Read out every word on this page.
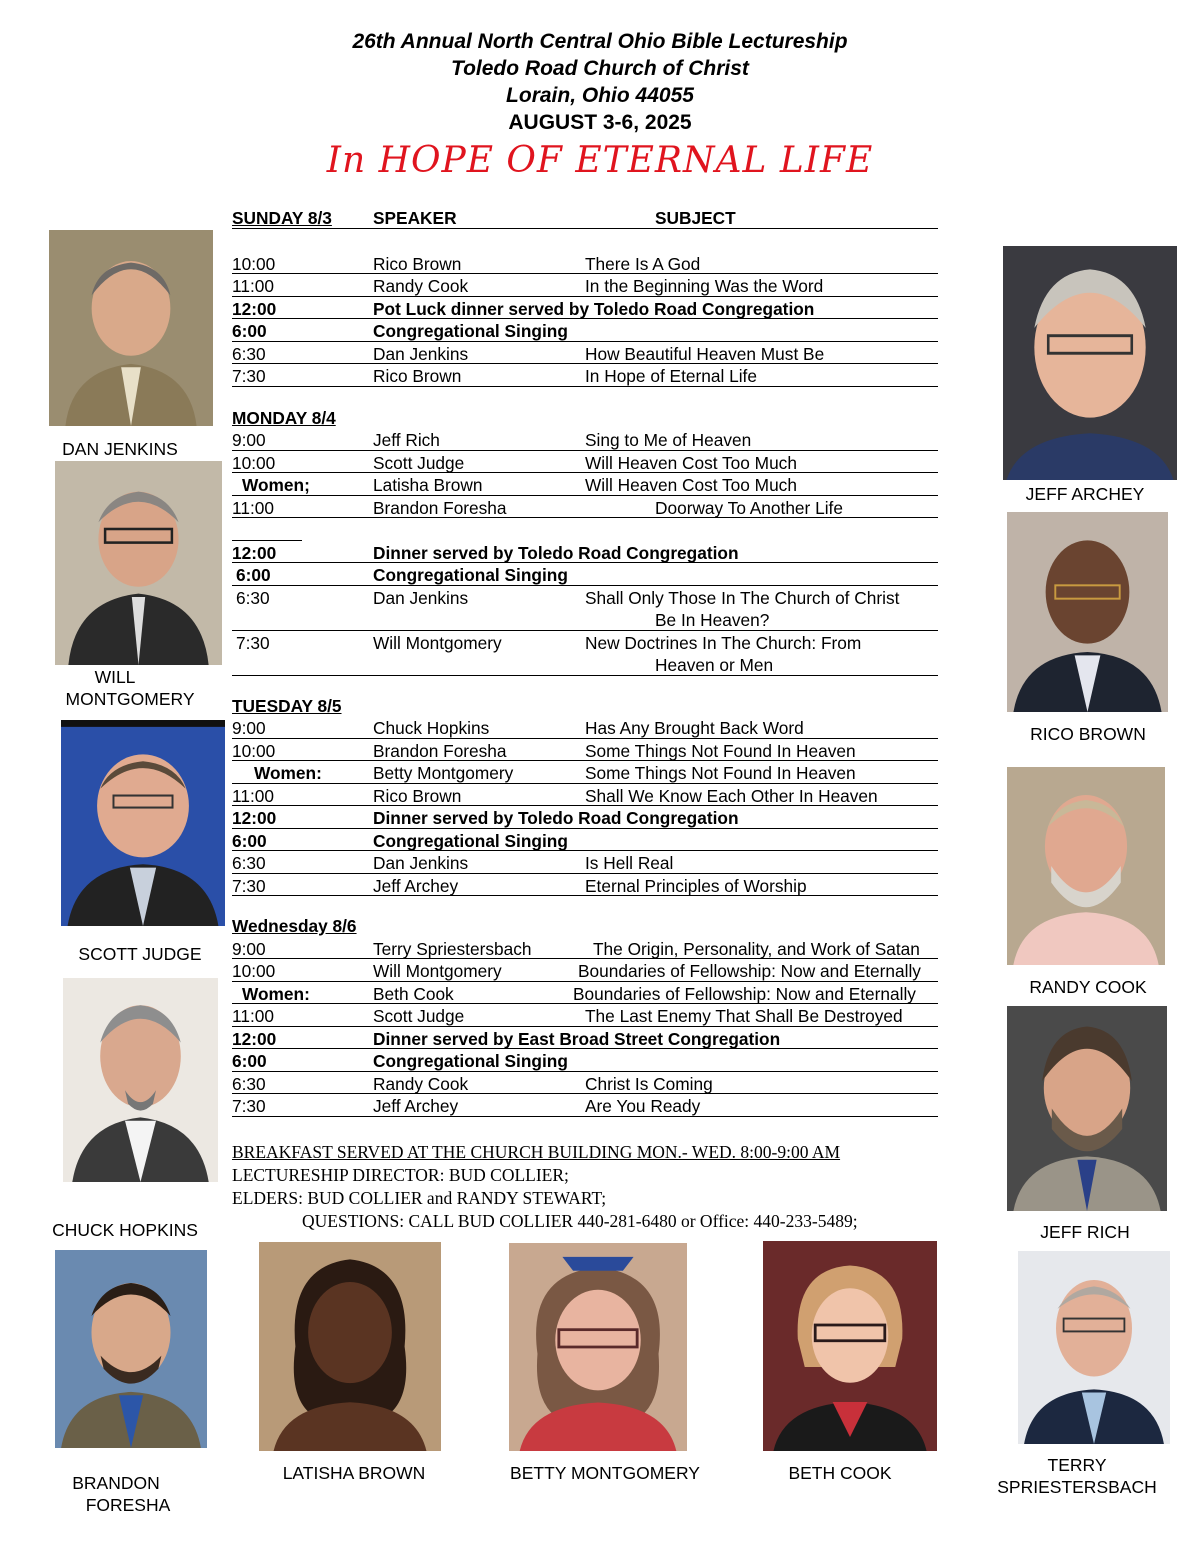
26th Annual North Central Ohio Bible Lectureship
Toledo Road Church of Christ
Lorain, Ohio 44055
AUGUST 3-6, 2025
In HOPE OF ETERNAL LIFE
SUNDAY 8/3 SPEAKER	SUBJECT
10:00	Rico Brown	There Is A God
11:00	Randy Cook	In the Beginning Was the Word
12:00	Pot Luck dinner served by Toledo Road Congregation
6:00	Congregational Singing
6:30	Dan Jenkins	How Beautiful Heaven Must Be
7:30	Rico Brown	In Hope of Eternal Life
MONDAY 8/4
9:00	Jeff Rich	Sing to Me of Heaven
10:00	Scott Judge	Will Heaven Cost Too Much
Women;	Latisha Brown	Will Heaven Cost Too Much
11:00	Brandon Foresha	Doorway To Another Life
12:00	Dinner served by Toledo Road Congregation
6:00	Congregational Singing
6:30	Dan Jenkins	Shall Only Those In The Church of Christ
Be In Heaven?
7:30	Will Montgomery	New Doctrines In The Church: From
Heaven or Men
TUESDAY 8/5
9:00	Chuck Hopkins	Has Any Brought Back Word
10:00	Brandon Foresha	Some Things Not Found In Heaven
Women:	Betty Montgomery	Some Things Not Found In Heaven
11:00	Rico Brown	Shall We Know Each Other In Heaven
12:00	Dinner served by Toledo Road Congregation
6:00	Congregational Singing
6:30	Dan Jenkins	Is Hell Real
7:30	Jeff Archey	Eternal Principles of Worship
Wednesday 8/6
9:00	Terry Spriestersbach	The Origin, Personality, and Work of Satan
10:00	Will Montgomery	Boundaries of Fellowship: Now and Eternally
Women:	Beth Cook	Boundaries of Fellowship: Now and Eternally
11:00	Scott Judge	The Last Enemy That Shall Be Destroyed
12:00	Dinner served by East Broad Street Congregation
6:00	Congregational Singing
6:30	Randy Cook	Christ Is Coming
7:30	Jeff Archey	Are You Ready
BREAKFAST SERVED AT THE CHURCH BUILDING MON.- WED. 8:00-9:00 AM
LECTURESHIP DIRECTOR: BUD COLLIER;
ELDERS: BUD COLLIER and RANDY STEWART;
QUESTIONS: CALL BUD COLLIER 440-281-6480 or Office: 440-233-5489;
DAN JENKINS
WILL
MONTGOMERY
SCOTT JUDGE
CHUCK HOPKINS
BRANDON
FORESHA
JEFF ARCHEY
RICO BROWN
RANDY COOK
JEFF RICH
TERRY
SPRIESTERSBACH
LATISHA BROWN	BETTY MONTGOMERY	BETH COOK
